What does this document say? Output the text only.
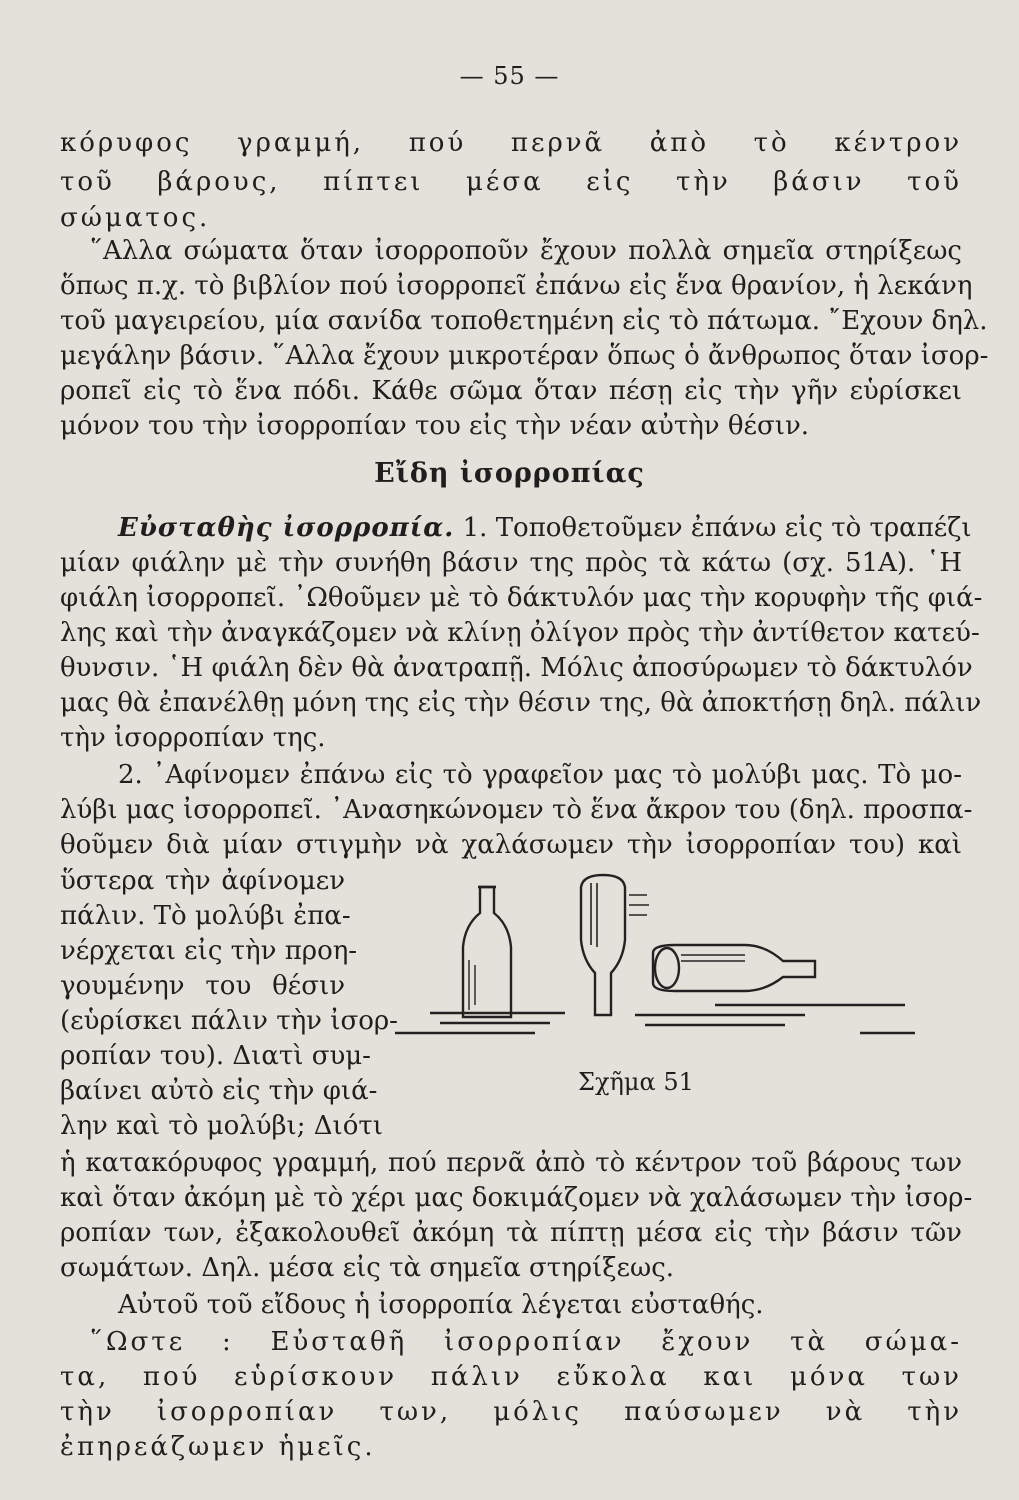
— 55 —
κόρυφος γραμμή, πού περνᾶ ἀπὸ τὸ κέντρον
τοῦ βάρους, πίπτει μέσα εἰς τὴν βάσιν τοῦ
σώματος.
῞Αλλα σώματα ὅταν ἰσορροποῦν ἔχουν πολλὰ σημεῖα στηρίξεως
ὅπως π.χ. τὸ βιβλίον πού ἰσορροπεῖ ἐπάνω εἰς ἕνα θρανίον, ἡ λεκάνη
τοῦ μαγειρείου, μία σανίδα τοποθετημένη εἰς τὸ πάτωμα. ῎Εχουν δηλ.
μεγάλην βάσιν. ῞Αλλα ἔχουν μικροτέραν ὅπως ὁ ἄνθρωπος ὅταν ἰσορ-
ροπεῖ εἰς τὸ ἕνα πόδι. Κάθε σῶμα ὅταν πέσῃ εἰς τὴν γῆν εὑρίσκει
μόνον του τὴν ἰσορροπίαν του εἰς τὴν νέαν αὐτὴν θέσιν.
Εἴδη ἰσορροπίας
Εὐσταθὴς ἰσορροπία. 1. Τοποθετοῦμεν ἐπάνω εἰς τὸ τραπέζι
μίαν φιάλην μὲ τὴν συνήθη βάσιν της πρὸς τὰ κάτω (σχ. 51Α). ῾Η
φιάλη ἰσορροπεῖ. ᾿Ωθοῦμεν μὲ τὸ δάκτυλόν μας τὴν κορυφὴν τῆς φιά-
λης καὶ τὴν ἀναγκάζομεν νὰ κλίνῃ ὀλίγον πρὸς τὴν ἀντίθετον κατεύ-
θυνσιν. ῾Η φιάλη δὲν θὰ ἀνατραπῇ. Μόλις ἀποσύρωμεν τὸ δάκτυλόν
μας θὰ ἐπανέλθῃ μόνη της εἰς τὴν θέσιν της, θὰ ἀποκτήσῃ δηλ. πάλιν
τὴν ἰσορροπίαν της.
2. ᾿Αφίνομεν ἐπάνω εἰς τὸ γραφεῖον μας τὸ μολύβι μας. Τὸ μο-
λύβι μας ἰσορροπεῖ. ᾿Ανασηκώνομεν τὸ ἕνα ἄκρον του (δηλ. προσπα-
θοῦμεν διὰ μίαν στιγμὴν νὰ χαλάσωμεν τὴν ἰσορροπίαν του) καὶ
ὕστερα τὴν ἀφίνομεν
πάλιν. Τὸ μολύβι ἐπα-
νέρχεται εἰς τὴν προη-
γουμένην του θέσιν
(εὑρίσκει πάλιν τὴν ἰσορ-
ροπίαν του). Διατὶ συμ-
βαίνει αὐτὸ εἰς τὴν φιά-
λην καὶ τὸ μολύβι; Διότι
Σχῆμα 51
ἡ κατακόρυφος γραμμή, πού περνᾶ ἀπὸ τὸ κέντρον τοῦ βάρους των
καὶ ὅταν ἀκόμη μὲ τὸ χέρι μας δοκιμάζομεν νὰ χαλάσωμεν τὴν ἰσορ-
ροπίαν των, ἐξακολουθεῖ ἀκόμη τὰ πίπτῃ μέσα εἰς τὴν βάσιν τῶν
σωμάτων. Δηλ. μέσα εἰς τὰ σημεῖα στηρίξεως.
Αὐτοῦ τοῦ εἴδους ἡ ἰσορροπία λέγεται εὐσταθής.
῞Ωστε : Εὐσταθῆ ἰσορροπίαν ἔχουν τὰ σώμα-
τα, πού εὑρίσκουν πάλιν εὔκολα και μόνα των
τὴν ἰσορροπίαν των, μόλις παύσωμεν νὰ τὴν
ἐπηρεάζωμεν ἡμεῖς.
